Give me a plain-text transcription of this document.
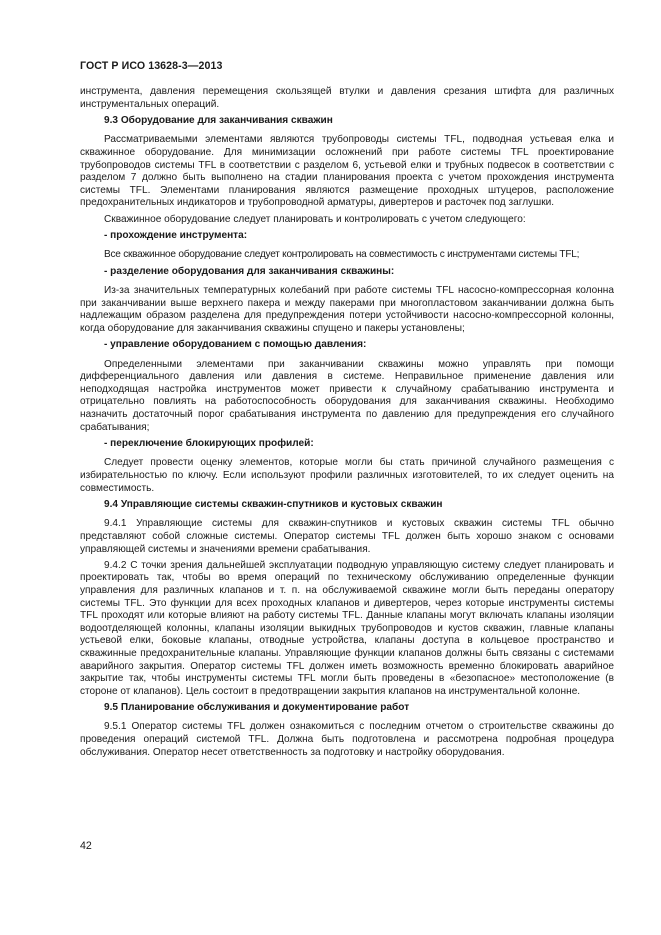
ГОСТ Р ИСО 13628-3—2013

инструмента, давления перемещения скользящей втулки и давления срезания штифта для различных инструментальных операций.

9.3 Оборудование для заканчивания скважин

Рассматриваемыми элементами являются трубопроводы системы TFL, подводная устьевая елка и скважинное оборудование. Для минимизации осложнений при работе системы TFL проектирование трубопроводов системы TFL в соответствии с разделом 6, устьевой елки и трубных подвесок в соответствии с разделом 7 должно быть выполнено на стадии планирования проекта с учетом прохождения инструмента системы TFL. Элементами планирования являются размещение проходных штуцеров, расположение предохранительных индикаторов и трубопроводной арматуры, дивертеров и расточек под заглушки.

Скважинное оборудование следует планировать и контролировать с учетом следующего:

- прохождение инструмента:

Все скважинное оборудование следует контролировать на совместимость с инструментами системы TFL;

- разделение оборудования для заканчивания скважины:

Из-за значительных температурных колебаний при работе системы TFL насосно-компрессорная колонна при заканчивании выше верхнего пакера и между пакерами при многопластовом заканчивании должна быть надлежащим образом разделена для предупреждения потери устойчивости насосно-компрессорной колонны, когда оборудование для заканчивания скважины спущено и пакеры установлены;

- управление оборудованием с помощью давления:

Определенными элементами при заканчивании скважины можно управлять при помощи дифференциального давления или давления в системе. Неправильное применение давления или неподходящая настройка инструментов может привести к случайному срабатыванию инструмента и отрицательно повлиять на работоспособность оборудования для заканчивания скважины. Необходимо назначить достаточный порог срабатывания инструмента по давлению для предупреждения его случайного срабатывания;

- переключение блокирующих профилей:

Следует провести оценку элементов, которые могли бы стать причиной случайного размещения с избирательностью по ключу. Если используют профили различных изготовителей, то их следует оценить на совместимость.

9.4 Управляющие системы скважин-спутников и кустовых скважин

9.4.1 Управляющие системы для скважин-спутников и кустовых скважин системы TFL обычно представляют собой сложные системы. Оператор системы TFL должен быть хорошо знаком с основами управляющей системы и значениями времени срабатывания.

9.4.2 С точки зрения дальнейшей эксплуатации подводную управляющую систему следует планировать и проектировать так, чтобы во время операций по техническому обслуживанию определенные функции управления для различных клапанов и т. п. на обслуживаемой скважине могли быть переданы оператору системы TFL. Это функции для всех проходных клапанов и дивертеров, через которые инструменты системы TFL проходят или которые влияют на работу системы TFL. Данные клапаны могут включать клапаны изоляции водоотделяющей колонны, клапаны изоляции выкидных трубопроводов и кустов скважин, главные клапаны устьевой елки, боковые клапаны, отводные устройства, клапаны доступа в кольцевое пространство и скважинные предохранительные клапаны. Управляющие функции клапанов должны быть связаны с системами аварийного закрытия. Оператор системы TFL должен иметь возможность временно блокировать аварийное закрытие так, чтобы инструменты системы TFL могли быть проведены в «безопасное» местоположение (в стороне от клапанов). Цель состоит в предотвращении закрытия клапанов на инструментальной колонне.

9.5 Планирование обслуживания и документирование работ

9.5.1 Оператор системы TFL должен ознакомиться с последним отчетом о строительстве скважины до проведения операций системой TFL. Должна быть подготовлена и рассмотрена подробная процедура обслуживания. Оператор несет ответственность за подготовку и настройку оборудования.

42
